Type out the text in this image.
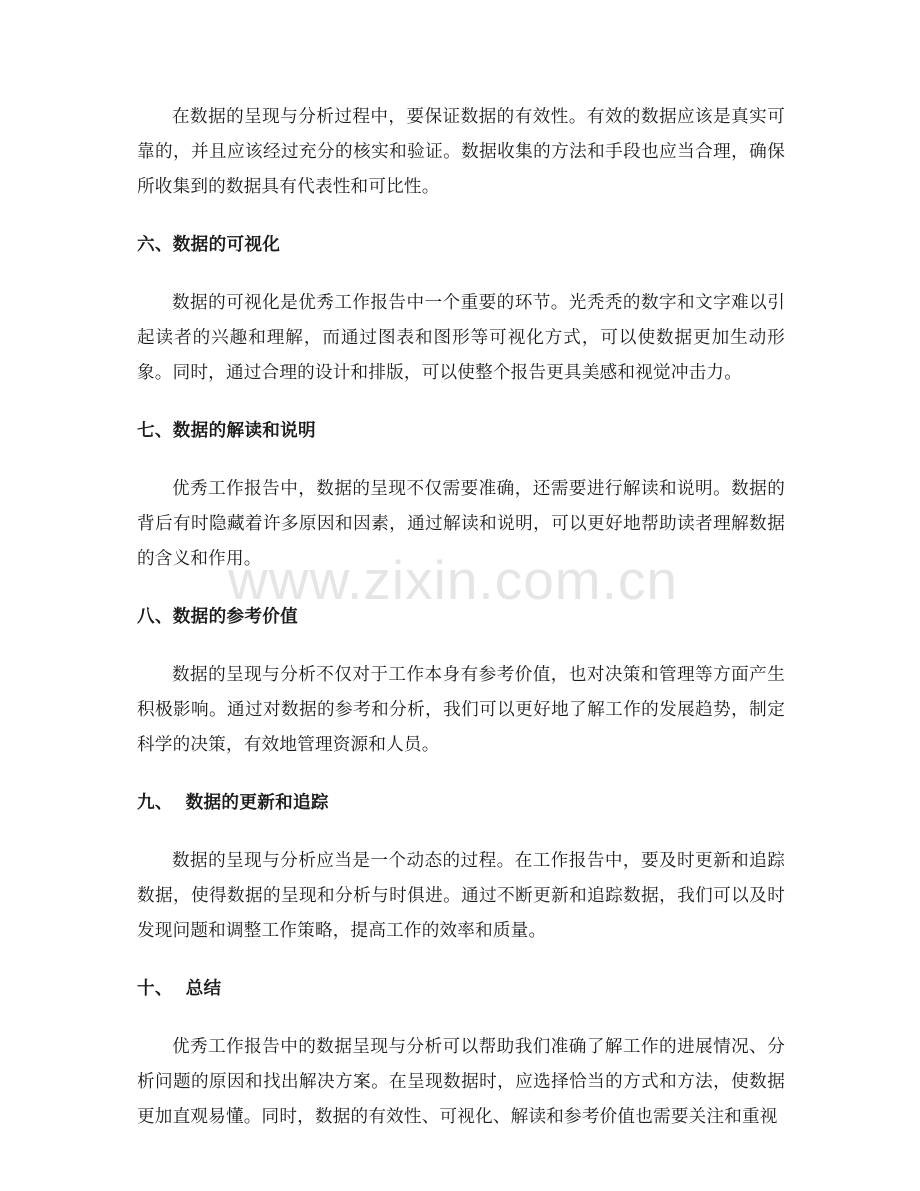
在数据的呈现与分析过程中，要保证数据的有效性。有效的数据应该是真实可靠的，并且应该经过充分的核实和验证。数据收集的方法和手段也应当合理，确保所收集到的数据具有代表性和可比性。

六、数据的可视化

数据的可视化是优秀工作报告中一个重要的环节。光秃秃的数字和文字难以引起读者的兴趣和理解，而通过图表和图形等可视化方式，可以使数据更加生动形象。同时，通过合理的设计和排版，可以使整个报告更具美感和视觉冲击力。

七、数据的解读和说明

优秀工作报告中，数据的呈现不仅需要准确，还需要进行解读和说明。数据的背后有时隐藏着许多原因和因素，通过解读和说明，可以更好地帮助读者理解数据的含义和作用。

八、数据的参考价值

数据的呈现与分析不仅对于工作本身有参考价值，也对决策和管理等方面产生积极影响。通过对数据的参考和分析，我们可以更好地了解工作的发展趋势，制定科学的决策，有效地管理资源和人员。

九、  数据的更新和追踪

数据的呈现与分析应当是一个动态的过程。在工作报告中，要及时更新和追踪数据，使得数据的呈现和分析与时俱进。通过不断更新和追踪数据，我们可以及时发现问题和调整工作策略，提高工作的效率和质量。

十、  总结

优秀工作报告中的数据呈现与分析可以帮助我们准确了解工作的进展情况、分析问题的原因和找出解决方案。在呈现数据时，应选择恰当的方式和方法，使数据更加直观易懂。同时，数据的有效性、可视化、解读和参考价值也需要关注和重视

www.zixin.com.cn
